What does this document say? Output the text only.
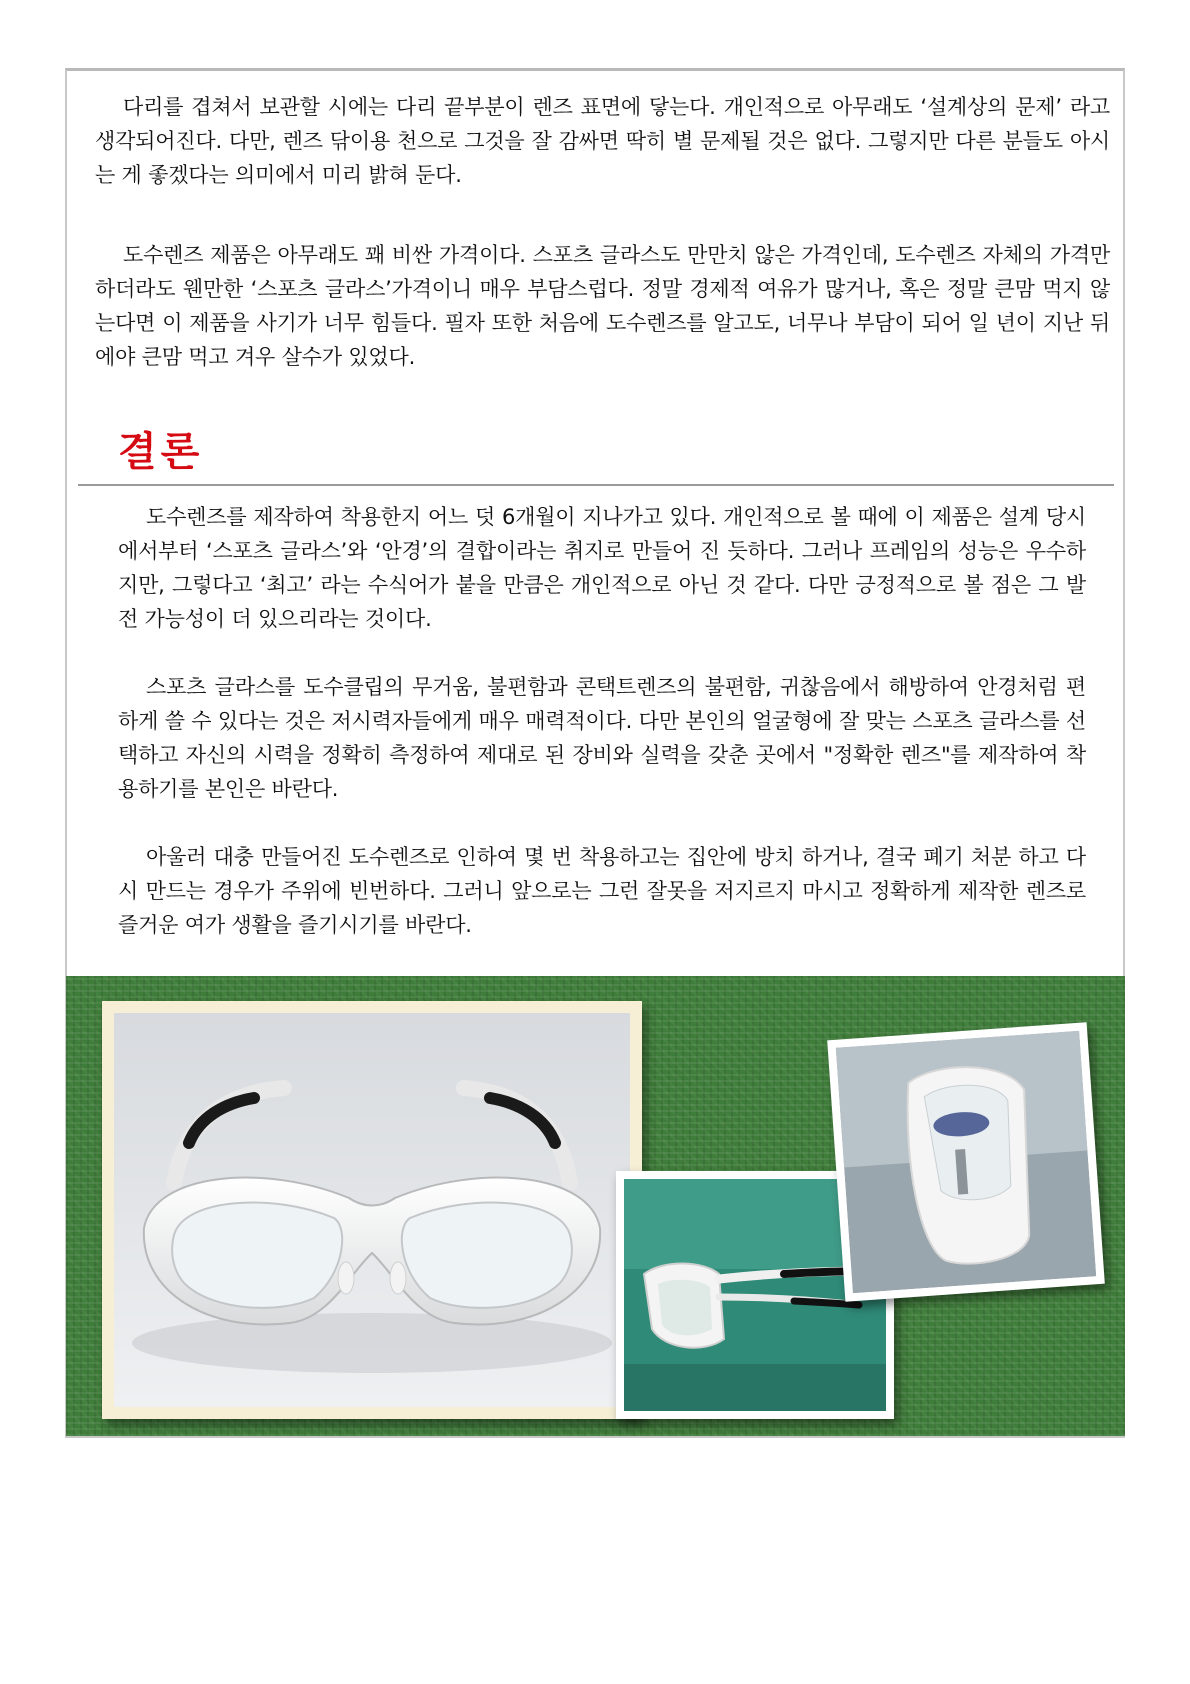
다리를 겹쳐서 보관할 시에는 다리 끝부분이 렌즈 표면에 닿는다. 개인적으로 아무래도 ‘설계상의 문제’ 라고 생각되어진다. 다만, 렌즈 닦이용 천으로 그것을 잘 감싸면 딱히 별 문제될 것은 없다. 그렇지만 다른 분들도 아시는 게 좋겠다는 의미에서 미리 밝혀 둔다.

도수렌즈 제품은 아무래도 꽤 비싼 가격이다. 스포츠 글라스도 만만치 않은 가격인데, 도수렌즈 자체의 가격만 하더라도 웬만한 ‘스포츠 글라스’가격이니 매우 부담스럽다. 정말 경제적 여유가 많거나, 혹은 정말 큰맘 먹지 않는다면 이 제품을 사기가 너무 힘들다. 필자 또한 처음에 도수렌즈를 알고도, 너무나 부담이 되어 일 년이 지난 뒤에야 큰맘 먹고 겨우 살수가 있었다.

결론

도수렌즈를 제작하여 착용한지 어느 덧 6개월이 지나가고 있다. 개인적으로 볼 때에 이 제품은 설계 당시에서부터 ‘스포츠 글라스’와 ‘안경’의 결합이라는 취지로 만들어 진 듯하다. 그러나 프레임의 성능은 우수하지만, 그렇다고 ‘최고’ 라는 수식어가 붙을 만큼은 개인적으로 아닌 것 같다. 다만 긍정적으로 볼 점은 그 발전 가능성이 더 있으리라는 것이다.

스포츠 글라스를 도수클립의 무거움, 불편함과 콘택트렌즈의 불편함, 귀찮음에서 해방하여 안경처럼 편하게 쓸 수 있다는 것은 저시력자들에게 매우 매력적이다. 다만 본인의 얼굴형에 잘 맞는 스포츠 글라스를 선택하고 자신의 시력을 정확히 측정하여 제대로 된 장비와 실력을 갖춘 곳에서 "정확한 렌즈"를 제작하여 착용하기를 본인은 바란다.

아울러 대충 만들어진 도수렌즈로 인하여 몇 번 착용하고는 집안에 방치 하거나, 결국 폐기 처분 하고 다시 만드는 경우가 주위에 빈번하다. 그러니 앞으로는 그런 잘못을 저지르지 마시고 정확하게 제작한 렌즈로 즐거운 여가 생활을 즐기시기를 바란다.
